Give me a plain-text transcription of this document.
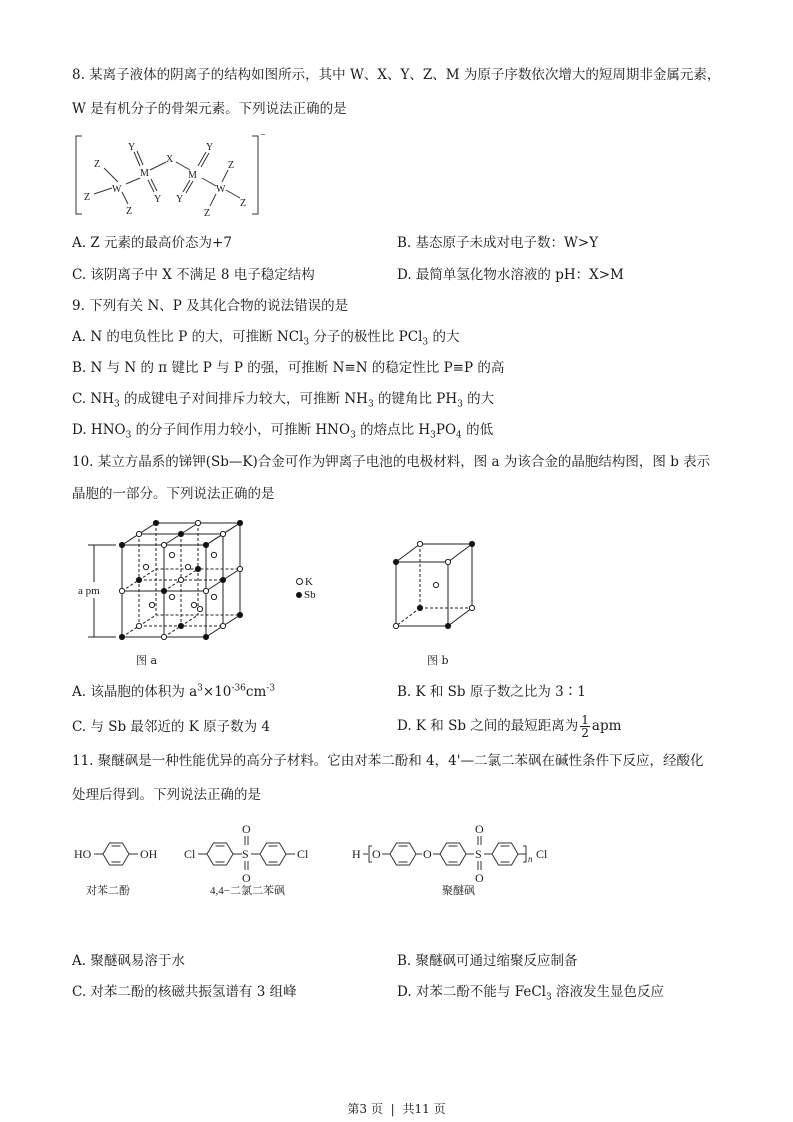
8. 某离子液体的阴离子的结构如图所示，其中 W、X、Y、Z、M 为原子序数依次增大的短周期非金属元素，
W 是有机分子的骨架元素。下列说法正确的是
Z
W
Z
Z
Y
M
Y
X
M
Y
Y
W
Z
Z
Z
−
A. Z 元素的最高价态为+7	B. 基态原子未成对电子数：W>Y
C. 该阴离子中 X 不满足 8 电子稳定结构	D. 最简单氢化物水溶液的 pH：X>M
9. 下列有关 N、P 及其化合物的说法错误的是
A. N 的电负性比 P 的大，可推断 NCl$_3$ 分子的极性比 PCl$_3$ 的大
B. N 与 N 的 π 键比 P 与 P 的强，可推断 N≡N 的稳定性比 P≡P 的高
C. $NH_3$ 的成键电子对间排斥力较大，可推断 $NH_3$ 的键角比 $PH_3$ 的大
D. $HNO_3$ 的分子间作用力较小，可推断 $HNO_3$ 的熔点比 $H_3PO_4$ 的低
10. 某立方晶系的锑钾(Sb—K)合金可作为钾离子电池的电极材料，图 a 为该合金的晶胞结构图，图 b 表示
晶胞的一部分。下列说法正确的是
a pm
图 a
K
Sb
图 b
A. 该晶胞的体积为 $a^3\times 10^{-36}cm^{-3}$	B. K 和 Sb 原子数之比为 3∶1
C. 与 Sb 最邻近的 K 原子数为 4	D. K 和 Sb 之间的最短距离为 $\frac{1}{2}$ apm
11. 聚醚砜是一种性能优异的高分子材料。它由对苯二酚和 4，4'—二氯二苯砜在碱性条件下反应，经酸化
处理后得到。下列说法正确的是
HO	OH
对苯二酚
Cl	S
O
O
Cl
4,4−二氯二苯砜
H O	O	S
O
O
n Cl
聚醚砜
A. 聚醚砜易溶于水	B. 聚醚砜可通过缩聚反应制备
C. 对苯二酚的核磁共振氢谱有 3 组峰	D. 对苯二酚不能与 FeCl$_3$ 溶液发生显色反应
第3 页 | 共11 页
